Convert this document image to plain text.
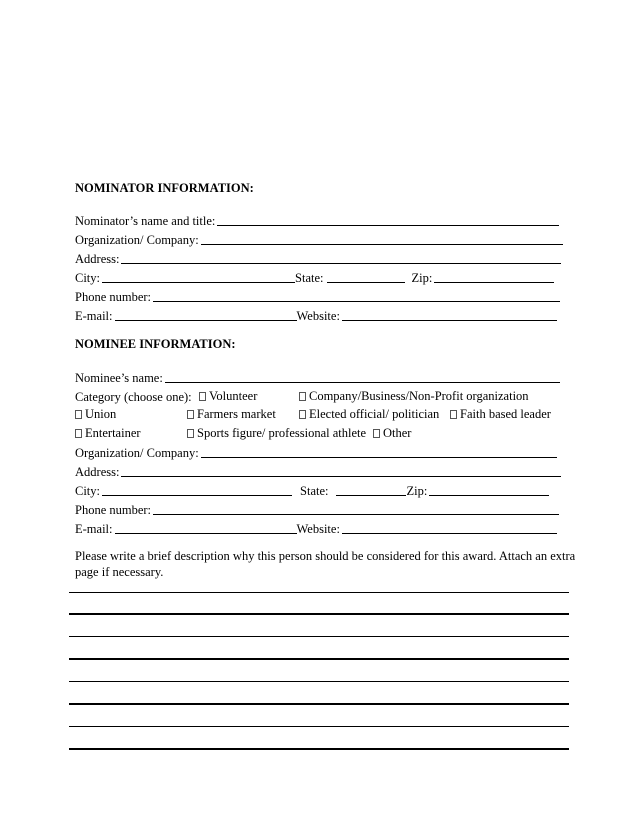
NOMINATOR INFORMATION:
Nominator’s name and title:
Organization/ Company:
Address:
City:	State:	Zip:
Phone number:
E-mail:	Website:
NOMINEE INFORMATION:
Nominee’s name:
Category (choose one): Volunteer	Company/Business/Non-Profit organization
Union	Farmers market	Elected official/ politician Faith based leader
Entertainer	Sports figure/ professional athlete Other
Organization/ Company:
Address:
City:	State:	Zip:
Phone number:
E-mail:	Website:
Please write a brief description why this person should be considered for this award. Attach an extra page if necessary.
